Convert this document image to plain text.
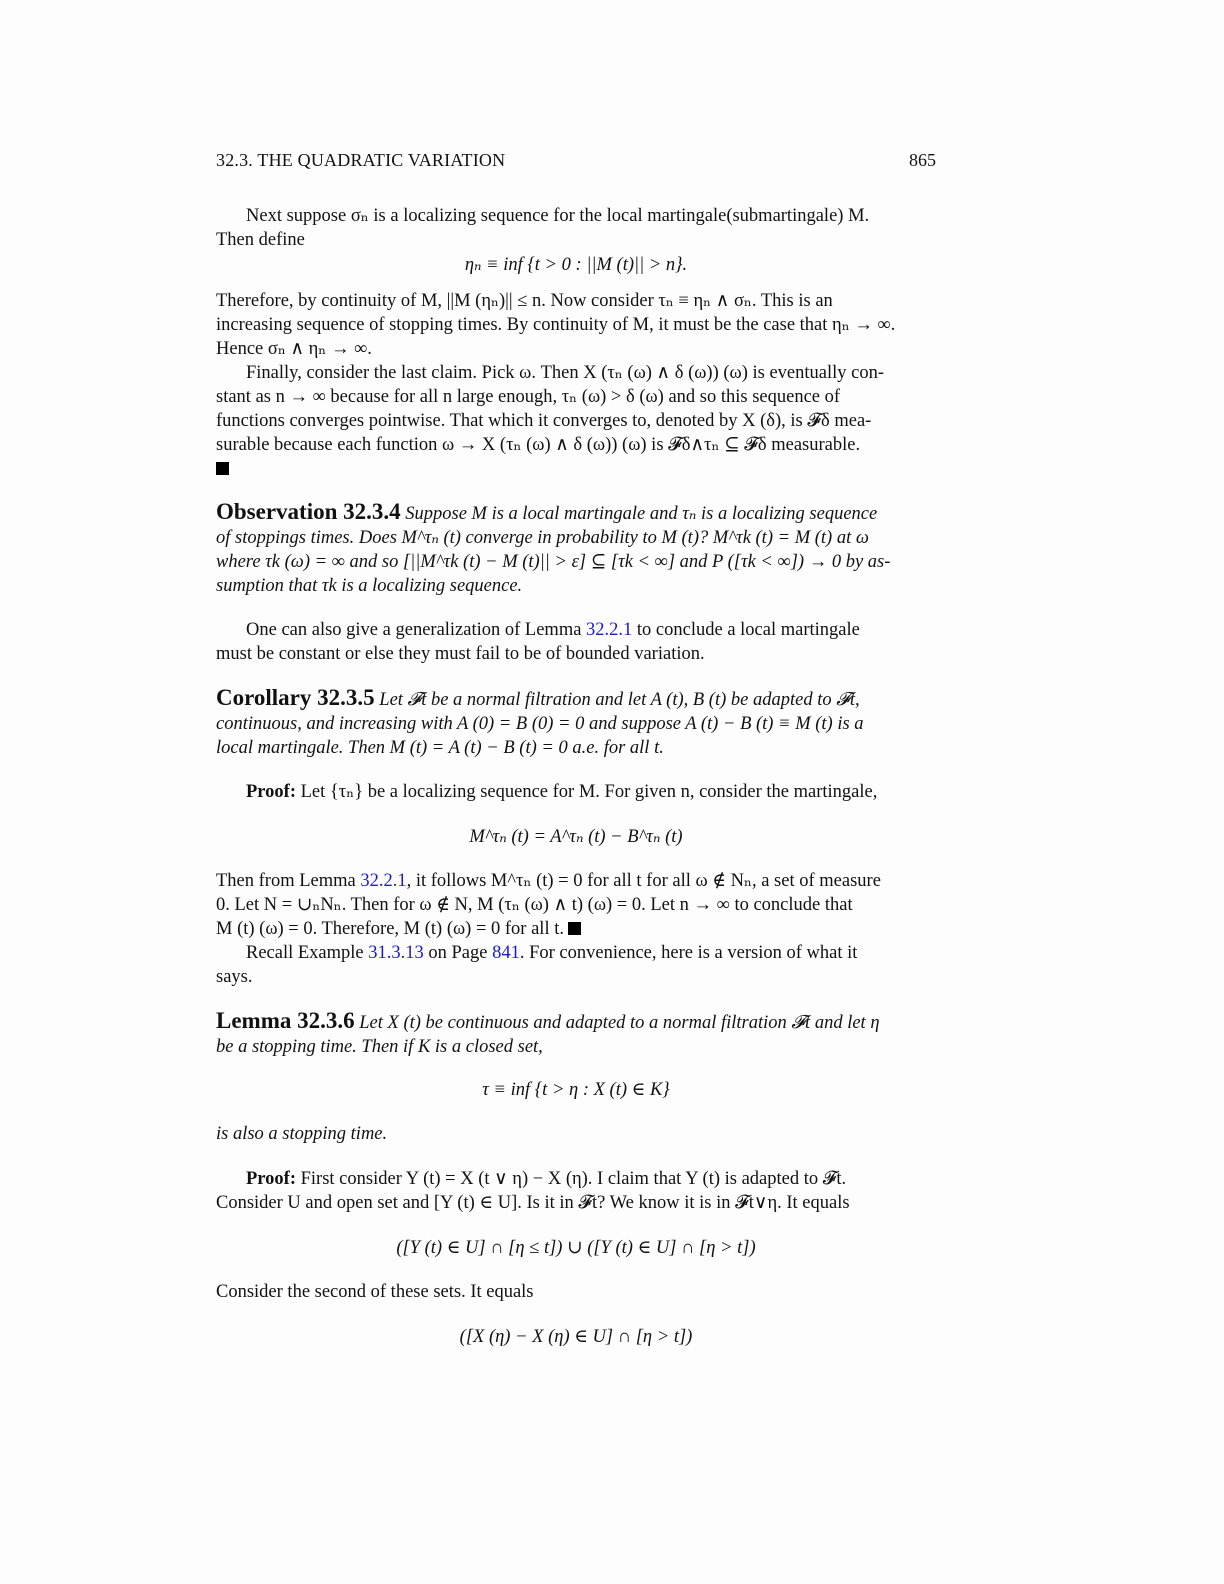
32.3. THE QUADRATIC VARIATION	865
Next suppose σₙ is a localizing sequence for the local martingale(submartingale) M.
Then define
ηₙ ≡ inf {t > 0 : ||M (t)|| > n}.
Therefore, by continuity of M, ||M (ηₙ)|| ≤ n. Now consider τₙ ≡ ηₙ ∧ σₙ. This is an
increasing sequence of stopping times. By continuity of M, it must be the case that ηₙ → ∞.
Hence σₙ ∧ ηₙ → ∞.
Finally, consider the last claim. Pick ω. Then X (τₙ (ω) ∧ δ (ω)) (ω) is eventually con-
stant as n → ∞ because for all n large enough, τₙ (ω) > δ (ω) and so this sequence of
functions converges pointwise. That which it converges to, denoted by X (δ), is 𝓕δ mea-
surable because each function ω → X (τₙ (ω) ∧ δ (ω)) (ω) is 𝓕δ∧τₙ ⊆ 𝓕δ measurable.
Observation 32.3.4 Suppose M is a local martingale and τₙ is a localizing sequence
of stoppings times. Does M^τₙ (t) converge in probability to M (t)? M^τk (t) = M (t) at ω
where τk (ω) = ∞ and so [||M^τk (t) − M (t)|| > ε] ⊆ [τk < ∞] and P ([τk < ∞]) → 0 by as-
sumption that τk is a localizing sequence.
One can also give a generalization of Lemma 32.2.1 to conclude a local martingale
must be constant or else they must fail to be of bounded variation.
Corollary 32.3.5 Let 𝓕t be a normal filtration and let A (t), B (t) be adapted to 𝓕t,
continuous, and increasing with A (0) = B (0) = 0 and suppose A (t) − B (t) ≡ M (t) is a
local martingale. Then M (t) = A (t) − B (t) = 0 a.e. for all t.
Proof: Let {τₙ} be a localizing sequence for M. For given n, consider the martingale,
M^τₙ (t) = A^τₙ (t) − B^τₙ (t)
Then from Lemma 32.2.1, it follows M^τₙ (t) = 0 for all t for all ω ∉ Nₙ, a set of measure
0. Let N = ∪ₙNₙ. Then for ω ∉ N, M (τₙ (ω) ∧ t) (ω) = 0. Let n → ∞ to conclude that
M (t) (ω) = 0. Therefore, M (t) (ω) = 0 for all t.
Recall Example 31.3.13 on Page 841. For convenience, here is a version of what it
says.
Lemma 32.3.6 Let X (t) be continuous and adapted to a normal filtration 𝓕t and let η
be a stopping time. Then if K is a closed set,
τ ≡ inf {t > η : X (t) ∈ K}
is also a stopping time.
Proof: First consider Y (t) = X (t ∨ η) − X (η). I claim that Y (t) is adapted to 𝓕t.
Consider U and open set and [Y (t) ∈ U]. Is it in 𝓕t? We know it is in 𝓕t∨η. It equals
([Y (t) ∈ U] ∩ [η ≤ t]) ∪ ([Y (t) ∈ U] ∩ [η > t])
Consider the second of these sets. It equals
([X (η) − X (η) ∈ U] ∩ [η > t])
